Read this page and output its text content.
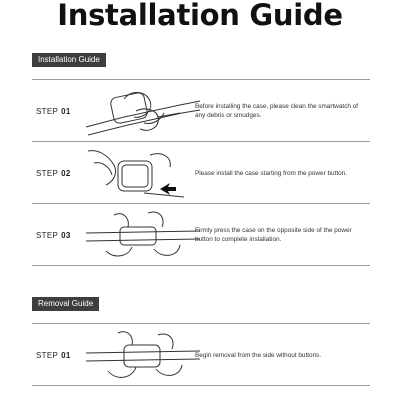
Installation Guide
Installation Guide
STEP 01
Before installing the case, please clean the smartwatch of any debris or smudges.
STEP 02	Please install the case starting from the power button.
STEP 03
Firmly press the case on the opposite side of the power button to complete installation.
Removal Guide
STEP 01	Begin removal from the side without buttons.
